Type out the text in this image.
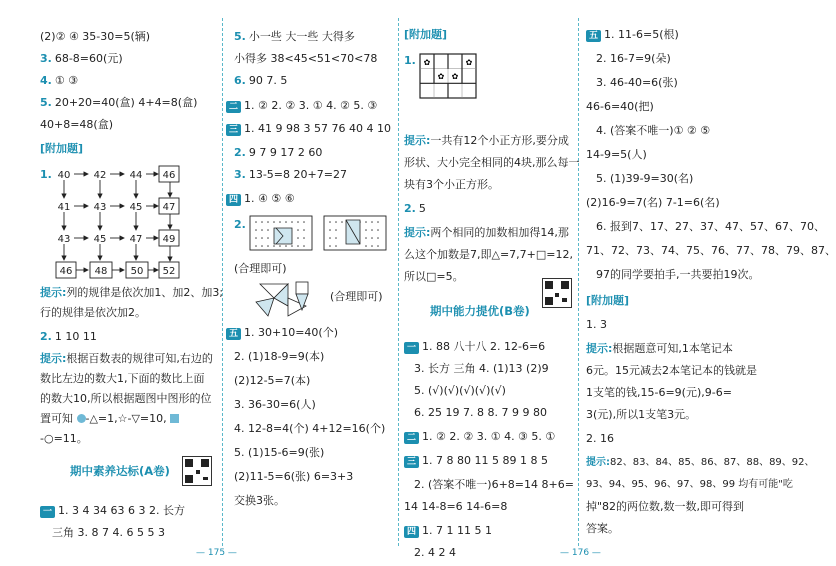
(2)② ④ 35-30=5(辆)
3. 68-8=60(元)
4. ① ③
5. 20+20=40(盒) 4+4=8(盒)
40+8=48(盒)
[附加题]
1. 40 42 44 46
41 43 45 47
43 45 47 49
46 48 50 52
提示:列的规律是依次加1、加2、加3;
行的规律是依次加2。
2. 1 10 11
提示:根据百数表的规律可知,右边的
数比左边的数大1,下面的数比上面
的数大10,所以根据题图中图形的位
置可知 -△=1,☆-▽=10,
-○=11。
期中素养达标(A卷)
一 1. 3 4 34 63 6 3 2. 长方
三角 3. 8 7 4. 6 5 5 3
5. 小一些 大一些 大得多
小得多 38<45<51<70<78
6. 90 7. 5
二 1. ② 2. ② 3. ① 4. ② 5. ③
三 1. 41 9 98 3 57 76 40 4 10
2. 9 7 9 17 2 60
3. 13-5=8 20+7=27
四 1. ④ ⑤ ⑥
2.
(合理即可)
(合理即可)
五 1. 30+10=40(个)
2. (1)18-9=9(本)
(2)12-5=7(本)
3. 36-30=6(人)
4. 12-8=4(个) 4+12=16(个)
5. (1)15-6=9(张)
(2)11-5=6(张) 6=3+3
交换3张。
[附加题]
1. ✿
✿ ✿
✿
提示:一共有12个小正方形,要分成
形状、大小完全相同的4块,那么每一
块有3个小正方形。
2. 5
提示:两个相同的加数相加得14,那
么这个加数是7,即△=7,7+□=12,
所以□=5。
期中能力提优(B卷)
一 1. 88 八十八 2. 12-6=6
3. 长方 三角 4. (1)13 (2)9
5. (√)(√)(√)(√)(√)
6. 25 19 7. 8 8. 7 9 9 80
二 1. ② 2. ② 3. ① 4. ③ 5. ①
三 1. 7 8 80 11 5 89 1 8 5
2. (答案不唯一)6+8=14 8+6=
14 14-8=6 14-6=8
四 1. 7 1 11 5 1
2. 4 2 4
五 1. 11-6=5(根)
2. 16-7=9(朵)
3. 46-40=6(张)
46-6=40(把)
4. (答案不唯一)① ② ⑤
14-9=5(人)
5. (1)39-9=30(名)
(2)16-9=7(名) 7-1=6(名)
6. 报到7、17、27、37、47、57、67、70、
71、72、73、74、75、76、77、78、79、87、
97的同学要拍手,一共要拍19次。
[附加题]
1. 3
提示:根据题意可知,1本笔记本
6元。15元减去2本笔记本的钱就是
1支笔的钱,15-6=9(元),9-6=
3(元),所以1支笔3元。
2. 16
提示:82、83、84、85、86、87、88、89、92、
93、94、95、96、97、98、99 均有可能"吃
掉"82的两位数,数一数,即可得到
答案。
— 175 —	— 176 —
